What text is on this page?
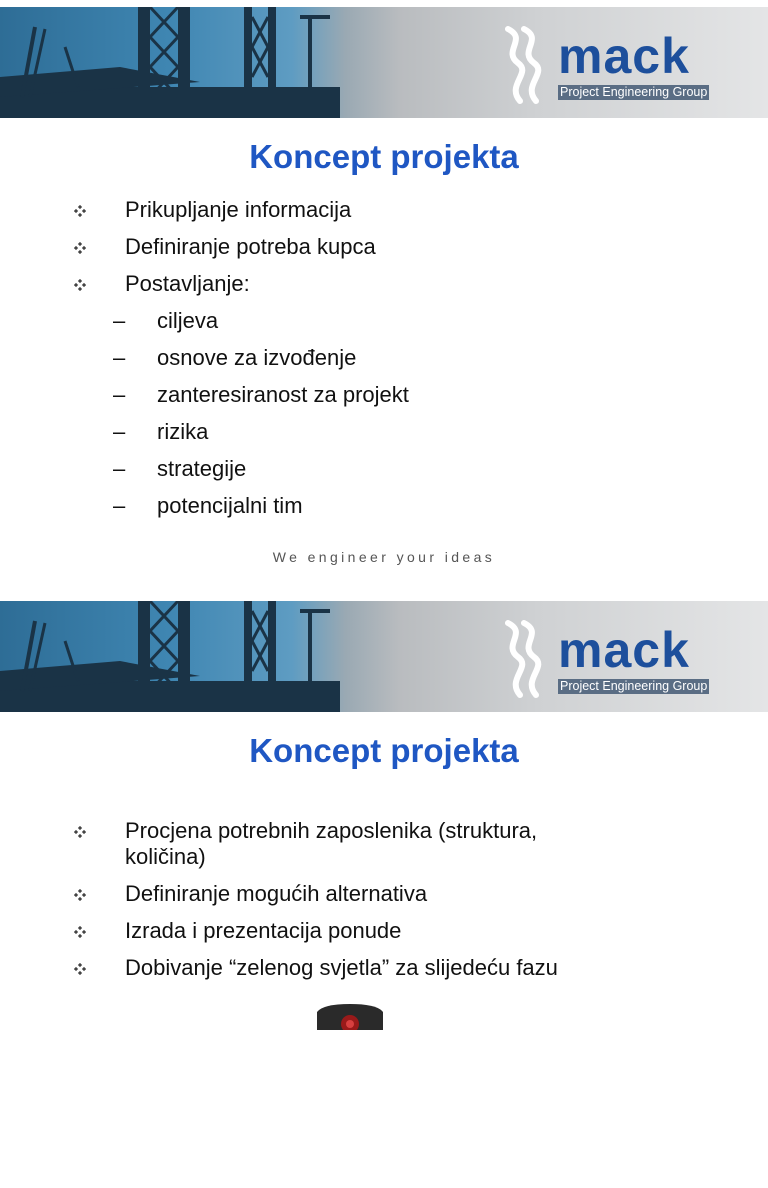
mack
Project Engineering Group
Koncept projekta
Prikupljanje informacija
Definiranje potreba kupca
Postavljanje:
– ciljeva
– osnove za izvođenje
– zanteresiranost za projekt
– rizika
– strategije
– potencijalni tim
We engineer your ideas
mack
Project Engineering Group
Koncept projekta
Procjena potrebnih zaposlenika (struktura, količina)
Definiranje mogućih alternativa
Izrada i prezentacija ponude
Dobivanje “zelenog svjetla” za slijedeću fazu
